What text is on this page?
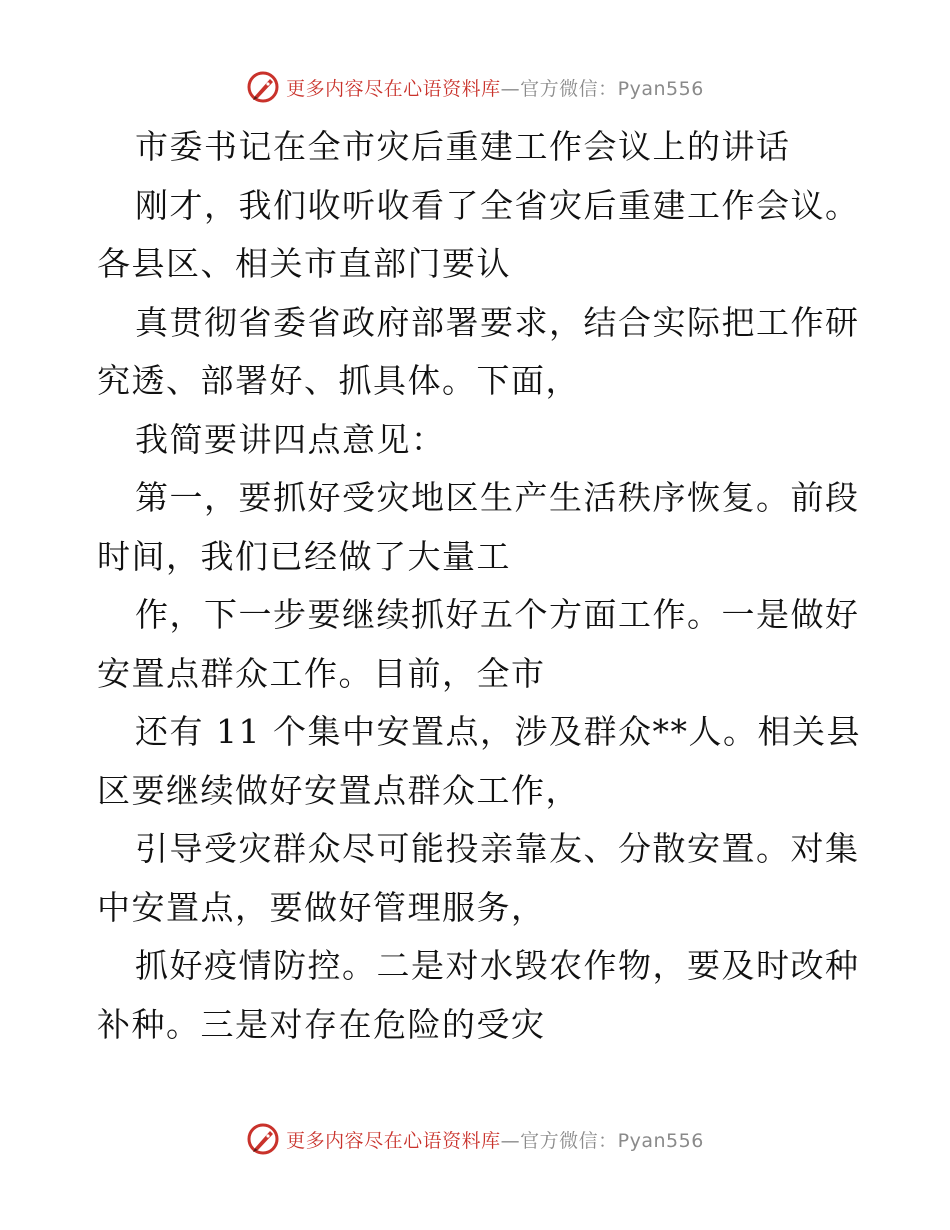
更多内容尽在心语资料库—官方微信：Pyan556
市委书记在全市灾后重建工作会议上的讲话
刚才，我们收听收看了全省灾后重建工作会议。
各县区、相关市直部门要认
真贯彻省委省政府部署要求，结合实际把工作研
究透、部署好、抓具体。下面，
我简要讲四点意见：
第一，要抓好受灾地区生产生活秩序恢复。前段
时间，我们已经做了大量工
作，下一步要继续抓好五个方面工作。一是做好
安置点群众工作。目前，全市
还有 11 个集中安置点，涉及群众**人。相关县
区要继续做好安置点群众工作，
引导受灾群众尽可能投亲靠友、分散安置。对集
中安置点，要做好管理服务，
抓好疫情防控。二是对水毁农作物，要及时改种
补种。三是对存在危险的受灾
更多内容尽在心语资料库—官方微信：Pyan556
